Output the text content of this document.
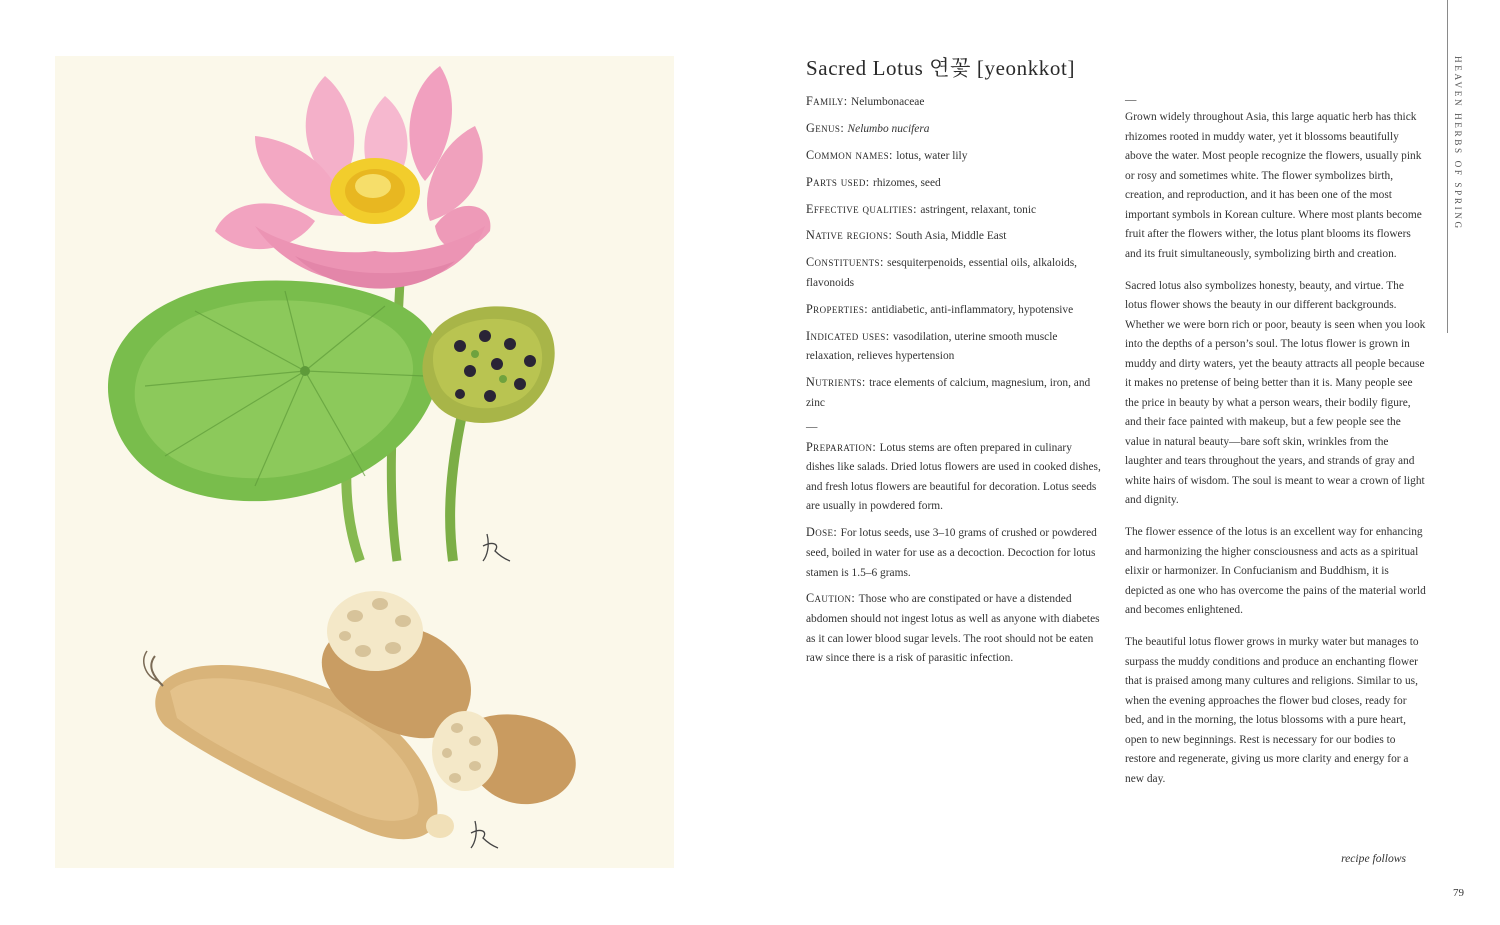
Sacred Lotus 연꽃 [yeonkkot]
Family : Nelumbonaceae
Genus : Nelumbo nucifera
Common names : lotus, water lily
Parts used : rhizomes, seed
Effective qualities : astringent, relaxant, tonic
Native regions : South Asia, Middle East
Constituents : sesquiterpenoids, essential oils, alkaloids, flavonoids
Properties : antidiabetic, anti-inflammatory, hypotensive
Indicated uses : vasodilation, uterine smooth muscle relaxation, relieves hypertension
Nutrients : trace elements of calcium, magnesium, iron, and zinc
—
Preparation : Lotus stems are often prepared in culinary dishes like salads. Dried lotus flowers are used in cooked dishes, and fresh lotus flowers are beautiful for decoration. Lotus seeds are usually in powdered form.
Dose : For lotus seeds, use 3–10 grams of crushed or powdered seed, boiled in water for use as a decoction. Decoction for lotus stamen is 1.5–6 grams.
Caution : Those who are constipated or have a distended abdomen should not ingest lotus as well as anyone with diabetes as it can lower blood sugar levels. The root should not be eaten raw since there is a risk of parasitic infection.
—
Grown widely throughout Asia, this large aquatic herb has thick rhizomes rooted in muddy water, yet it blossoms beautifully above the water. Most people recognize the flowers, usually pink or rosy and sometimes white. The flower symbolizes birth, creation, and reproduction, and it has been one of the most important symbols in Korean culture. Where most plants become fruit after the flowers wither, the lotus plant blooms its flowers and its fruit simultaneously, symbolizing birth and creation.
Sacred lotus also symbolizes honesty, beauty, and virtue. The lotus flower shows the beauty in our different backgrounds. Whether we were born rich or poor, beauty is seen when you look into the depths of a person’s soul. The lotus flower is grown in muddy and dirty waters, yet the beauty attracts all people because it makes no pretense of being better than it is. Many people see the price in beauty by what a person wears, their bodily figure, and their face painted with makeup, but a few people see the value in natural beauty—bare soft skin, wrinkles from the laughter and tears throughout the years, and strands of gray and white hairs of wisdom. The soul is meant to wear a crown of light and dignity.
The flower essence of the lotus is an excellent way for enhancing and harmonizing the higher consciousness and acts as a spiritual elixir or harmonizer. In Confucianism and Buddhism, it is depicted as one who has overcome the pains of the material world and becomes enlightened.
The beautiful lotus flower grows in murky water but manages to surpass the muddy conditions and produce an enchanting flower that is praised among many cultures and religions. Similar to us, when the evening approaches the flower bud closes, ready for bed, and in the morning, the lotus blossoms with a pure heart, open to new beginnings. Rest is necessary for our bodies to restore and regenerate, giving us more clarity and energy for a new day.
recipe follows
HEAVEN HERBS OF SPRING
79
